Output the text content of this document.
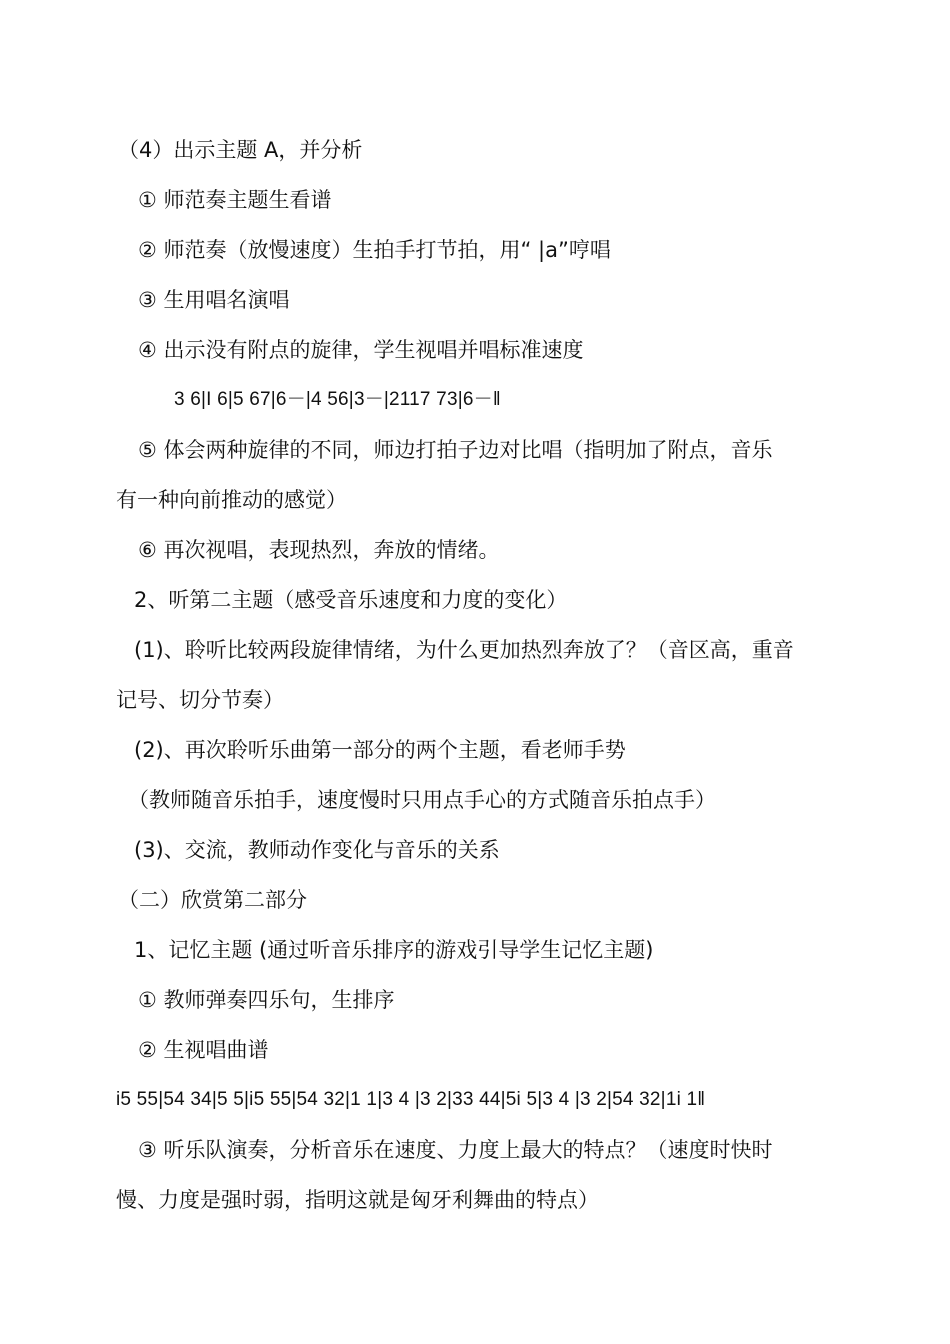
（4）出示主题 A，并分析

① 师范奏主题生看谱

② 师范奏（放慢速度）生拍手打节拍，用“ |a”哼唱

③ 生用唱名演唱

④ 出示没有附点的旋律，学生视唱并唱标准速度

3 6|I 6|5 67|6－|4 56|3－|2117 73|6－‖

⑤ 体会两种旋律的不同，师边打拍子边对比唱（指明加了附点，音乐

有一种向前推动的感觉）

⑥ 再次视唱，表现热烈，奔放的情绪。

2、听第二主题（感受音乐速度和力度的变化）

(1)、聆听比较两段旋律情绪，为什么更加热烈奔放了？（音区高，重音

记号、切分节奏）

(2)、再次聆听乐曲第一部分的两个主题，看老师手势

（教师随音乐拍手，速度慢时只用点手心的方式随音乐拍点手）

(3)、交流，教师动作变化与音乐的关系

（二）欣赏第二部分

1、记忆主题 (通过听音乐排序的游戏引导学生记忆主题)

① 教师弹奏四乐句，生排序

② 生视唱曲谱

i5 55|54 34|5 5|i5 55|54 32|1 1|3 4 |3 2|33 44|5i 5|3 4 |3 2|54 32|1i 1‖

③ 听乐队演奏，分析音乐在速度、力度上最大的特点？（速度时快时

慢、力度是强时弱，指明这就是匈牙利舞曲的特点）
